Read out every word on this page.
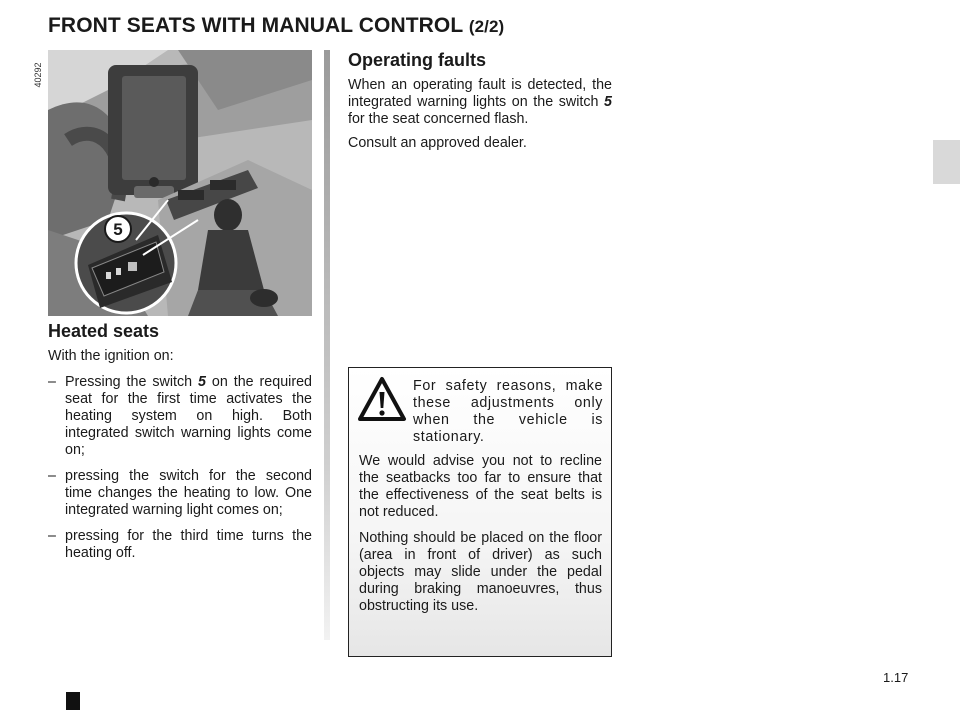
FRONT SEATS WITH MANUAL CONTROL (2/2)
40292
5
Heated seats
With the ignition on:
– Pressing the switch 5 on the required seat for the first time activates the heating system on high. Both integrated switch warning lights come on;
– pressing the switch for the second time changes the heating to low. One integrated warning light comes on;
– pressing for the third time turns the heating off.
Operating faults
When an operating fault is detected, the integrated warning lights on the switch 5 for the seat concerned flash.
Consult an approved dealer.
For safety reasons, make these adjustments only when the vehicle is stationary.
We would advise you not to recline the seatbacks too far to ensure that the effectiveness of the seat belts is not reduced.
Nothing should be placed on the floor (area in front of driver) as such objects may slide under the pedal during braking manoeuvres, thus obstructing its use.
1.17
